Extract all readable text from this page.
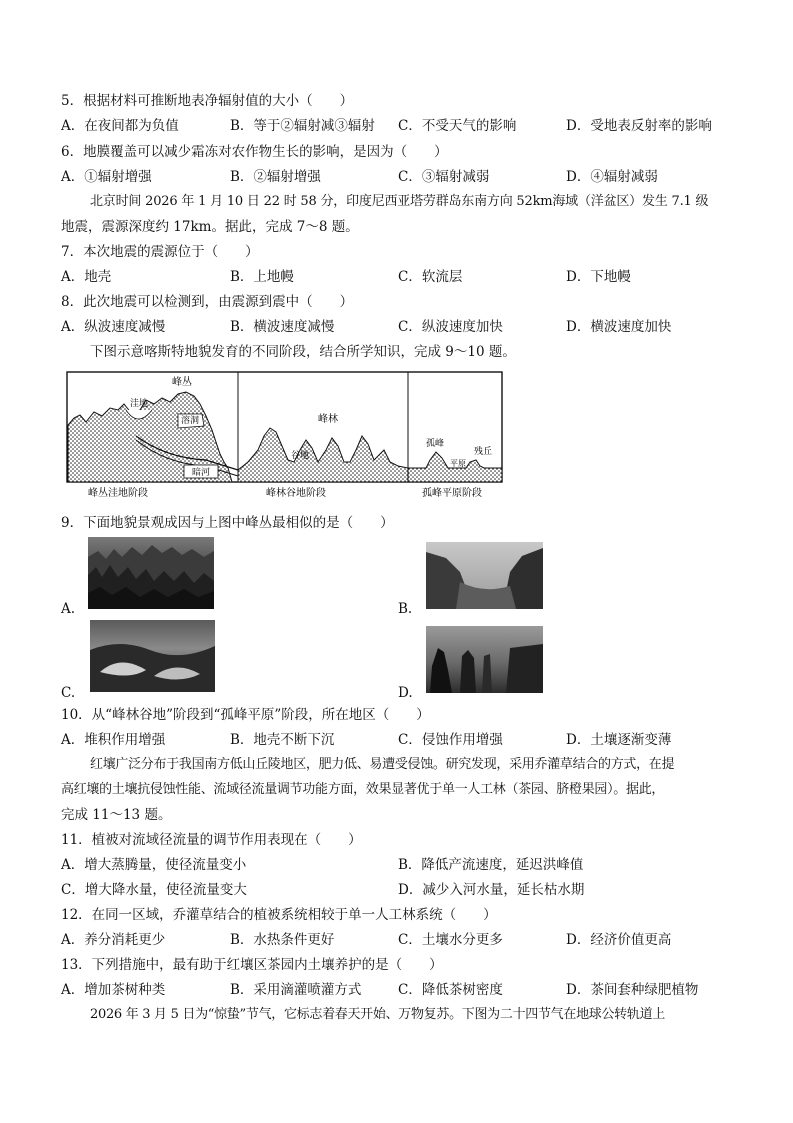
5．根据材料可推断地表净辐射值的大小（　　）
A．在夜间都为负值	B．等于②辐射减③辐射 C．不受天气的影响	D．受地表反射率的影响
6．地膜覆盖可以减少霜冻对农作物生长的影响，是因为（　　）
A．①辐射增强	B．②辐射增强	C．③辐射减弱	D．④辐射减弱
北京时间 2026 年 1 月 10 日 22 时 58 分，印度尼西亚塔劳群岛东南方向 52km海域（洋盆区）发生 7.1 级
地震，震源深度约 17km。据此，完成 7～8 题。
7．本次地震的震源位于（　　）
A．地壳	B．上地幔	C．软流层	D．下地幔
8．此次地震可以检测到，由震源到震中（　　）
A．纵波速度减慢	B．横波速度减慢	C．纵波速度加快	D．横波速度加快
下图示意喀斯特地貌发育的不同阶段，结合所学知识，完成 9～10 题。
峰丛
洼地
溶洞
暗河
峰林
谷地
孤峰
平原
残丘
峰丛洼地阶段	峰林谷地阶段	孤峰平原阶段
9．下面地貌景观成因与上图中峰丛最相似的是（　　）
A.	B.
C.	D.
10．从“峰林谷地”阶段到“孤峰平原”阶段，所在地区（　　）
A．堆积作用增强	B．地壳不断下沉	C．侵蚀作用增强	D．土壤逐渐变薄
红壤广泛分布于我国南方低山丘陵地区，肥力低、易遭受侵蚀。研究发现，采用乔灌草结合的方式，在提
高红壤的土壤抗侵蚀性能、流域径流量调节功能方面，效果显著优于单一人工林（茶园、脐橙果园）。据此，
完成 11～13 题。
11．植被对流域径流量的调节作用表现在（　　）
A．增大蒸腾量，使径流量变小	B．降低产流速度，延迟洪峰值
C．增大降水量，使径流量变大	D．减少入河水量，延长枯水期
12．在同一区域，乔灌草结合的植被系统相较于单一人工林系统（　　）
A．养分消耗更少	B．水热条件更好	C．土壤水分更多	D．经济价值更高
13．下列措施中，最有助于红壤区茶园内土壤养护的是（　　）
A．增加茶树种类	B．采用滴灌喷灌方式	C．降低茶树密度	D．茶间套种绿肥植物
2026 年 3 月 5 日为“惊蛰”节气，它标志着春天开始、万物复苏。下图为二十四节气在地球公转轨道上
